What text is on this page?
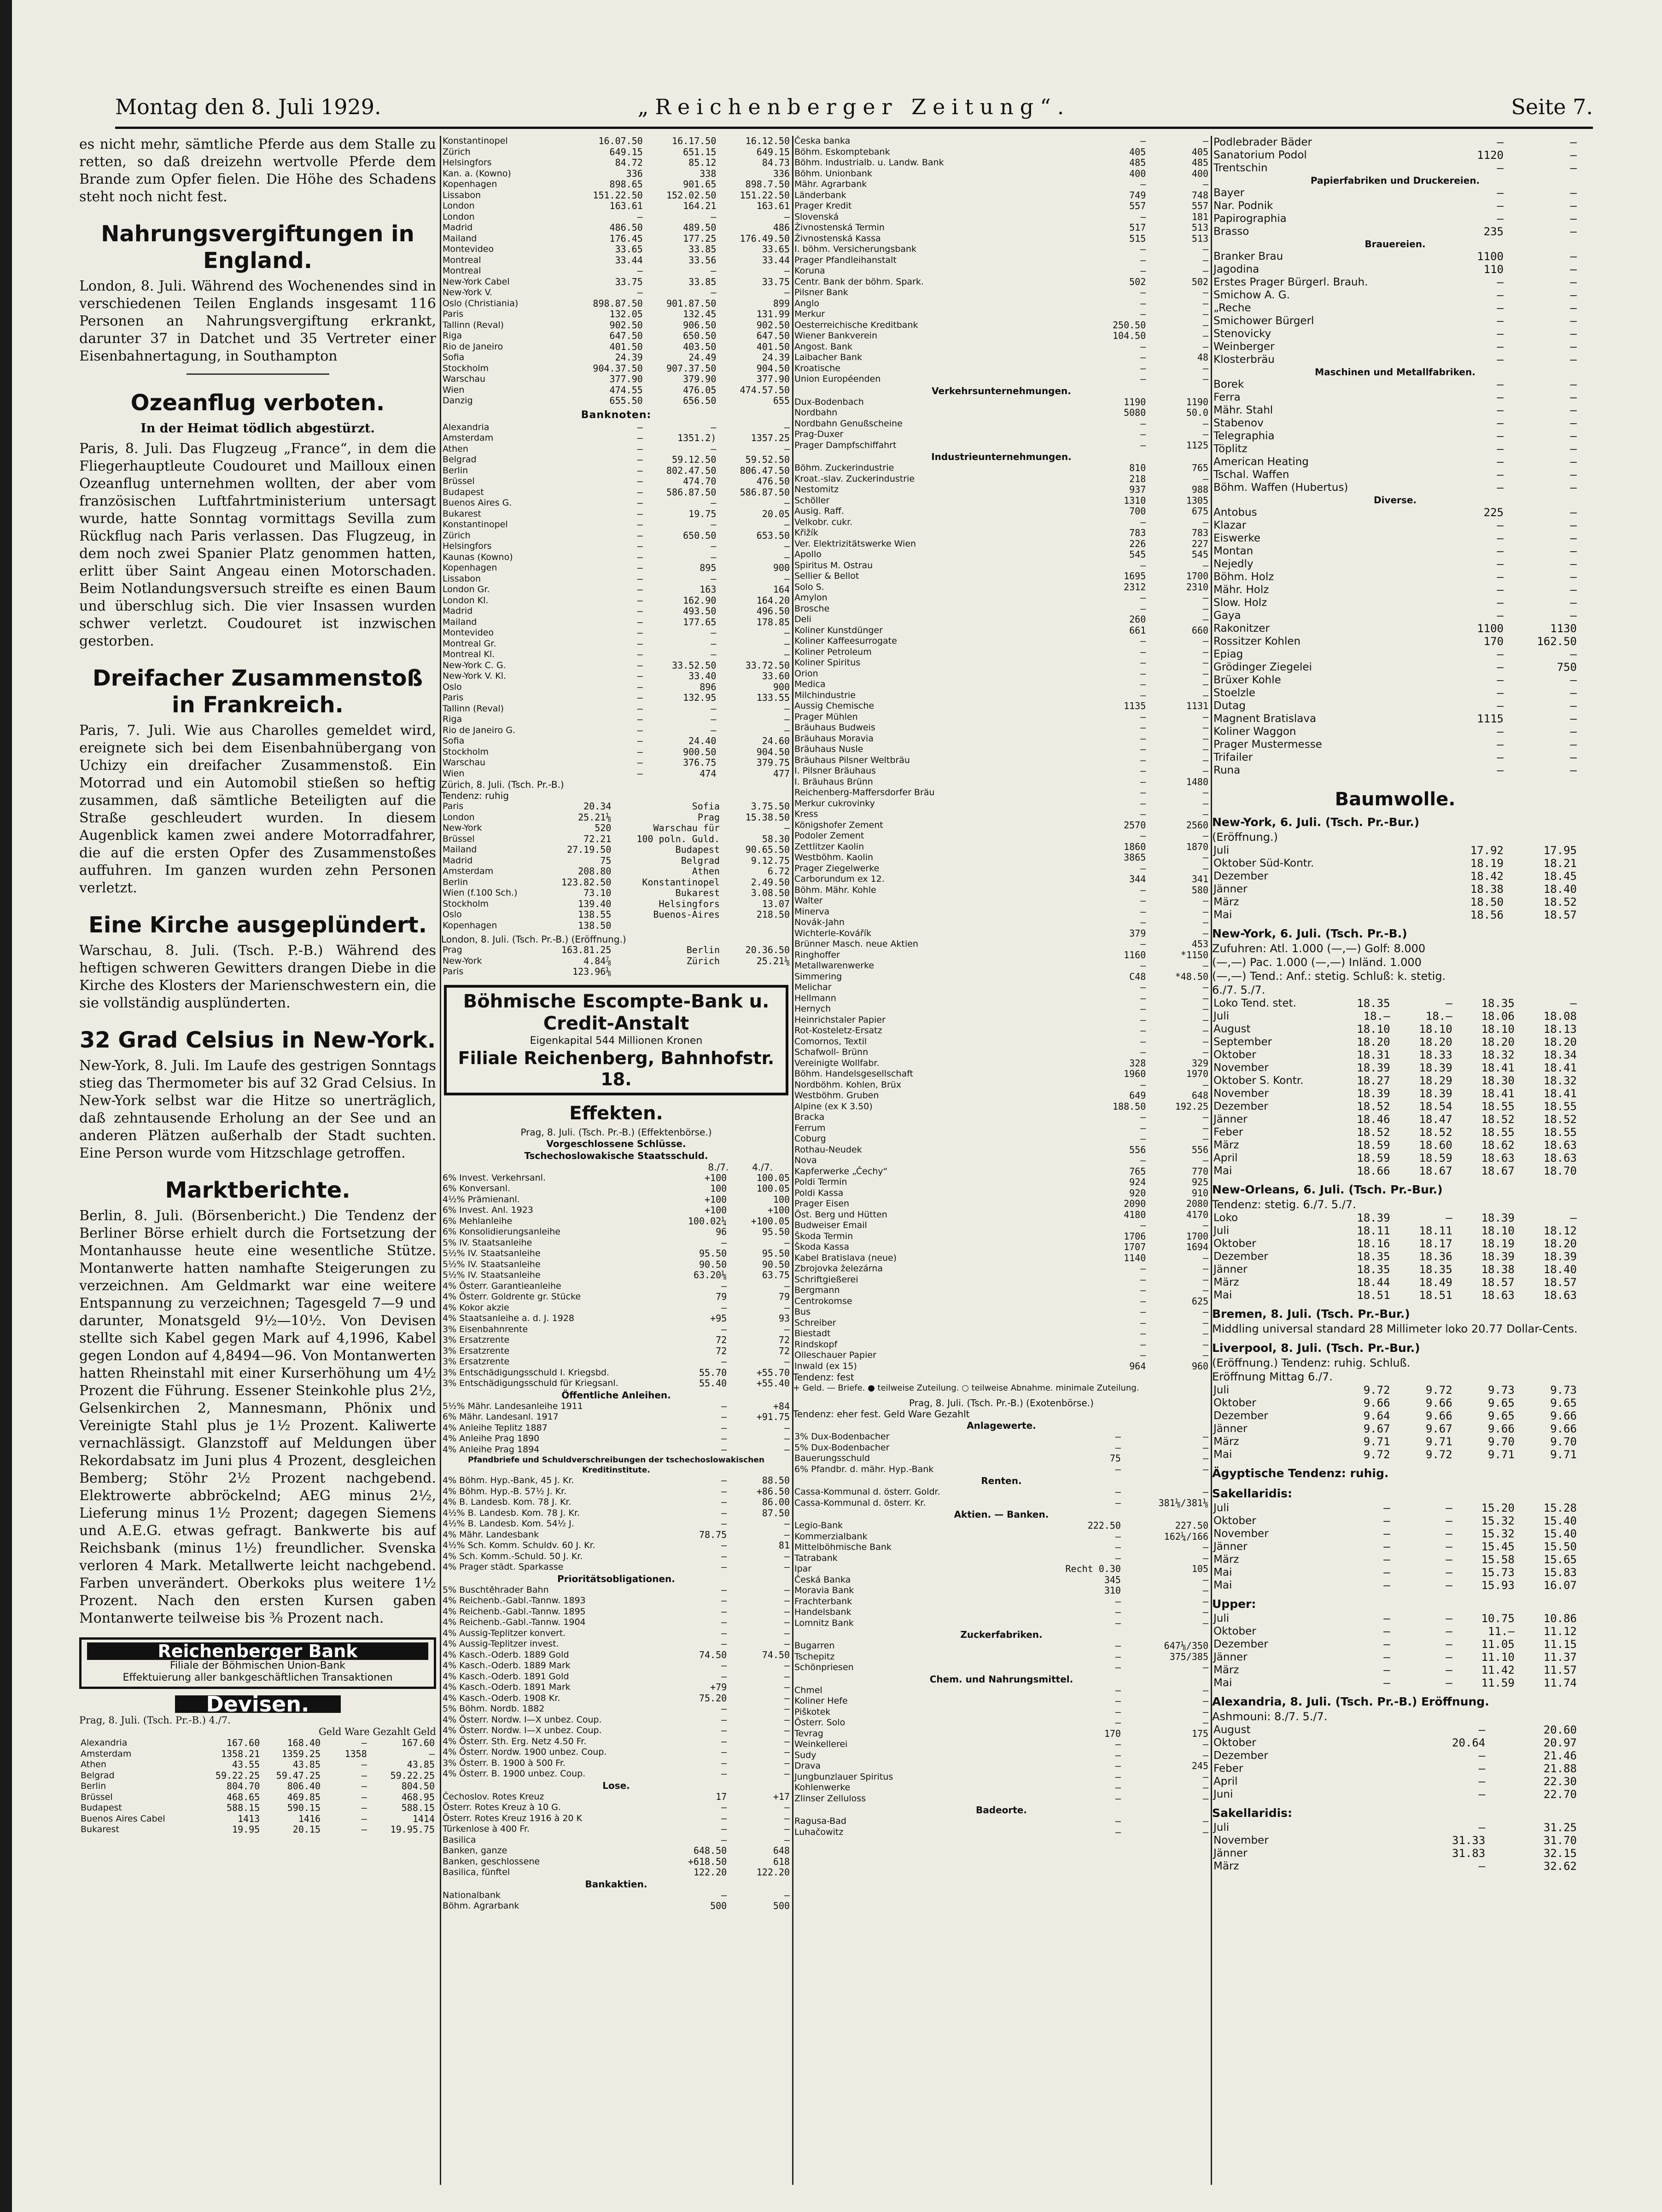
Montag den 8. Juli 1929.	„Reichenberger Zeitung“.	Seite 7.

es nicht mehr, sämtliche Pferde aus dem Stalle zu retten, so daß dreizehn wertvolle Pferde dem Brande zum Opfer fielen. Die Höhe des Schadens steht noch nicht fest.

Nahrungsvergiftungen in England.

London, 8. Juli. Während des Wochenendes sind in verschiedenen Teilen Englands insgesamt 116 Personen an Nahrungsvergiftung erkrankt, darunter 37 in Datchet und 35 Vertreter einer Eisenbahnertagung, in Southampton

Ozeanflug verboten.
In der Heimat tödlich abgestürzt.

Paris, 8. Juli. Das Flugzeug „France“, in dem die Fliegerhauptleute Coudouret und Mailloux einen Ozeanflug unternehmen wollten, der aber vom französischen Luftfahrtministerium untersagt wurde, hatte Sonntag vormittags Sevilla zum Rückflug nach Paris verlassen. Das Flugzeug, in dem noch zwei Spanier Platz genommen hatten, erlitt über Saint Angeau einen Motorschaden. Beim Notlandungsversuch streifte es einen Baum und überschlug sich. Die vier Insassen wurden schwer verletzt. Coudouret ist inzwischen gestorben.

Dreifacher Zusammenstoß in Frankreich.

Paris, 7. Juli. Wie aus Charolles gemeldet wird, ereignete sich bei dem Eisenbahnübergang von Uchizy ein dreifacher Zusammenstoß. Ein Motorrad und ein Automobil stießen so heftig zusammen, daß sämtliche Beteiligten auf die Straße geschleudert wurden. In diesem Augenblick kamen zwei andere Motorradfahrer, die auf die ersten Opfer des Zusammenstoßes auffuhren. Im ganzen wurden zehn Personen verletzt.

Eine Kirche ausgeplündert.

Warschau, 8. Juli. (Tsch. P.-B.) Während des heftigen schweren Gewitters drangen Diebe in die Kirche des Klosters der Marienschwestern ein, die sie vollständig ausplünderten.

32 Grad Celsius in New-York.

New-York, 8. Juli. Im Laufe des gestrigen Sonntags stieg das Thermometer bis auf 32 Grad Celsius. In New-York selbst war die Hitze so unerträglich, daß zehntausende Erholung an der See und an anderen Plätzen außerhalb der Stadt suchten. Eine Person wurde vom Hitzschlage getroffen.

Marktberichte.

Berlin, 8. Juli. (Börsenbericht.) Die Tendenz der Berliner Börse erhielt durch die Fortsetzung der Montanhausse heute eine wesentliche Stütze. Montanwerte hatten namhafte Steigerungen zu verzeichnen. Am Geldmarkt war eine weitere Entspannung zu verzeichnen; Tagesgeld 7—9 und darunter, Monatsgeld 9½—10½. Von Devisen stellte sich Kabel gegen Mark auf 4,1996, Kabel gegen London auf 4,8494—96. Von Montanwerten hatten Rheinstahl mit einer Kurserhöhung um 4½ Prozent die Führung. Essener Steinkohle plus 2½, Gelsenkirchen 2, Mannesmann, Phönix und Vereinigte Stahl plus je 1½ Prozent. Kaliwerte vernachlässigt. Glanzstoff auf Meldungen über Rekordabsatz im Juni plus 4 Prozent, desgleichen Bemberg; Stöhr 2½ Prozent nachgebend. Elektrowerte abbröckelnd; AEG minus 2½, Lieferung minus 1½ Prozent; dagegen Siemens und A.E.G. etwas gefragt. Bankwerte bis auf Reichsbank (minus 1½) freundlicher. Svenska verloren 4 Mark. Metallwerte leicht nachgebend. Farben unverändert. Oberkoks plus weitere 1½ Prozent. Nach den ersten Kursen gaben Montanwerte teilweise bis ⅜ Prozent nach.

Reichenberger Bank
Filiale der Böhmischen Union-Bank
Effektuierung aller bankgeschäftlichen Transaktionen
Devisen.
Prag, 8. Juli. (Tsch. Pr.-B.) 4./7.
Geld Ware Gezahlt Geld
Alexandria	167.60	168.40	—	167.60
Amsterdam	1358.21	1359.25	1358	—
Athen	43.55	43.85	—	43.85
Belgrad	59.22.25	59.47.25	—	59.22.25
Berlin	804.70	806.40	—	804.50
Brüssel	468.65	469.85	—	468.95
Budapest	588.15	590.15	—	588.15
Buenos Aires Cabel	1413	1416	—	1414
Bukarest	19.95	20.15	—	19.95.75
Konstantinopel	16.07.50	16.17.50	16.12.50
Zürich	649.15	651.15	649.15
Helsingfors	84.72	85.12	84.73
Kan. a. (Kowno)	336	338	336
Kopenhagen	898.65	901.65	898.7.50
Lissabon	151.22.50	152.02.50	151.22.50
London	163.61	164.21	163.61
London	—	—	—
Madrid	486.50	489.50	486
Mailand	176.45	177.25	176.49.50
Montevideo	33.65	33.85	33.65
Montreal	33.44	33.56	33.44
Montreal	—	—	—
New-York Cabel	33.75	33.85	33.75
New-York V.	—	—	—
Oslo (Christiania)	898.87.50	901.87.50	899
Paris	132.05	132.45	131.99
Tallinn (Reval)	902.50	906.50	902.50
Riga	647.50	650.50	647.50
Rio de Janeiro	401.50	403.50	401.50
Sofia	24.39	24.49	24.39
Stockholm	904.37.50	907.37.50	904.50
Warschau	377.90	379.90	377.90
Wien	474.55	476.05	474.57.50
Danzig	655.50	656.50	655
Banknoten:
Alexandria	—	—	—
Amsterdam	—	1351.2)	1357.25
Athen	—	—	—
Belgrad	—	59.12.50	59.52.50
Berlin	—	802.47.50	806.47.50
Brüssel	—	474.70	476.50
Budapest	—	586.87.50	586.87.50
Buenos Aires G.	—	—	—
Bukarest	—	19.75	20.05
Konstantinopel	—	—	—
Zürich	—	650.50	653.50
Helsingfors	—	—	—
Kaunas (Kowno)	—	—	—
Kopenhagen	—	895	900
Lissabon	—	—	—
London Gr.	—	163	164
London Kl.	—	162.90	164.20
Madrid	—	493.50	496.50
Mailand	—	177.65	178.85
Montevideo	—	—	—
Montreal Gr.	—	—	—
Montreal Kl.	—	—	—
New-York C. G.	—	33.52.50	33.72.50
New-York V. Kl.	—	33.40	33.60
Oslo	—	896	900
Paris	—	132.95	133.55
Tallinn (Reval)	—	—	—
Riga	—	—	—
Rio de Janeiro G.	—	—	—
Sofia	—	24.40	24.60
Stockholm	—	900.50	904.50
Warschau	—	376.75	379.75
Wien	—	474	477
Zürich, 8. Juli. (Tsch. Pr.-B.)
Tendenz: ruhig
Paris	20.34	Sofia	3.75.50
London	25.21⅛	Prag	15.38.50
New-York	520	Warschau für	—
Brüssel	72.21	100 poln. Guld.	58.30
Mailand	27.19.50	Budapest	90.65.50
Madrid	75	Belgrad	9.12.75
Amsterdam	208.80	Athen	6.72
Berlin	123.82.50	Konstantinopel	2.49.50
Wien (f.100 Sch.)	73.10	Bukarest	3.08.50
Stockholm	139.40	Helsingfors	13.07
Oslo	138.55	Buenos-Aires	218.50
Kopenhagen	138.50		
London, 8. Juli. (Tsch. Pr.-B.) (Eröffnung.)
Prag	163.81.25	Berlin	20.36.50
New-York	4.84⅞	Zürich	25.21⅛
Paris	123.96⅛		
Böhmische Escompte-Bank u. Credit-Anstalt
Eigenkapital 544 Millionen Kronen
Filiale Reichenberg, Bahnhofstr. 18.
Effekten.
Prag, 8. Juli. (Tsch. Pr.-B.) (Effektenbörse.)
Vorgeschlossene Schlüsse.
Tschechoslowakische Staatsschuld.
8./7.	4./7.
6% Invest. Verkehrsanl.	+100	100.05
6% Konversanl.	100	100.05
4½% Prämienanl.	+100	100
6% Invest. Anl. 1923	+100	+100
6% Mehlanleihe	100.02¼	+100.05
6% Konsolidierungsanleihe	96	95.50
5% IV. Staatsanleihe	—	—
5½% IV. Staatsanleihe	95.50	95.50
5½% IV. Staatsanleihe	90.50	90.50
5½% IV. Staatsanleihe	63.20⅛	63.75
4% Österr. Garantieanleihe	—	—
4% Österr. Goldrente gr. Stücke	79	79
4% Kokor akzie	—	—
4% Staatsanleihe a. d. J. 1928	+95	93
3% Eisenbahnrente	—	—
3% Ersatzrente	72	72
3% Ersatzrente	72	72
3% Ersatzrente	—	—
3% Entschädigungsschuld I. Kriegsbd.	55.70	+55.70
3% Entschädigungsschuld für Kriegsanl.	55.40	+55.40
Öffentliche Anleihen.
5½% Mähr. Landesanleihe 1911	—	+84
6% Mähr. Landesanl. 1917	—	+91.75
4% Anleihe Teplitz 1887	—	—
4% Anleihe Prag 1890	—	—
4% Anleihe Prag 1894	—	—
Pfandbriefe und Schuldverschreibungen der tschechoslowakischen Kreditinstitute.
4% Böhm. Hyp.-Bank, 45 J. Kr.	—	88.50
4% Böhm. Hyp.-B. 57½ J. Kr.	—	+86.50
4% B. Landesb. Kom. 78 J. Kr.	—	86.00
4½% B. Landesb. Kom. 78 J. Kr.	—	87.50
4½% B. Landesb. Kom. 54½ J.	—	—
4% Mähr. Landesbank	78.75	—
4½% Sch. Komm. Schuldv. 60 J. Kr.	—	81
4% Sch. Komm.-Schuld. 50 J. Kr.	—	—
4% Prager städt. Sparkasse	—	—
Prioritätsobligationen.
5% Buschtěhrader Bahn	—	—
4% Reichenb.-Gabl.-Tannw. 1893	—	—
4% Reichenb.-Gabl.-Tannw. 1895	—	—
4% Reichenb.-Gabl.-Tannw. 1904	—	—
4% Aussig-Teplitzer konvert.	—	—
4% Aussig-Teplitzer invest.	—	—
4% Kasch.-Oderb. 1889 Gold	74.50	74.50
4% Kasch.-Oderb. 1889 Mark	—	—
4% Kasch.-Oderb. 1891 Gold	—	—
4% Kasch.-Oderb. 1891 Mark	+79	—
4% Kasch.-Oderb. 1908 Kr.	75.20	—
5% Böhm. Nordb. 1882	—	—
4% Österr. Nordw. I—X unbez. Coup.	—	—
4% Österr. Nordw. I—X unbez. Coup.	—	—
4% Österr. Sth. Erg. Netz 4.50 Fr.	—	—
4% Österr. Nordw. 1900 unbez. Coup.	—	—
3% Österr. B. 1900 à 500 Fr.	—	—
4% Österr. B. 1900 unbez. Coup.	—	—
Lose.
Čechoslov. Rotes Kreuz	17	+17
Österr. Rotes Kreuz à 10 G.	—	—
Österr. Rotes Kreuz 1916 à 20 K	—	—
Türkenlose à 400 Fr.	—	—
Basilica	—	—
Banken, ganze	648.50	648
Banken, geschlossene	+618.50	618
Basilica, fünftel	122.20	122.20
Bankaktien.
Nationalbank	—	—
Böhm. Agrarbank	500	500
Česka banka	—	—
Böhm. Eskomptebank	405	405
Böhm. Industrialb. u. Landw. Bank	485	485
Böhm. Unionbank	400	400
Mähr. Agrarbank	—	—
Länderbank	749	748
Prager Kredit	557	557
Slovenská	—	181
Živnostenská Termin	517	513
Živnostenská Kassa	515	513
I. böhm. Versicherungsbank	—	—
Prager Pfandleihanstalt	—	—
Koruna	—	—
Centr. Bank der böhm. Spark.	502	502
Pilsner Bank	—	—
Anglo	—	—
Merkur	—	—
Oesterreichische Kreditbank	250.50	—
Wiener Bankverein	104.50	—
Angost. Bank	—	—
Laibacher Bank	—	48
Kroatische	—	—
Union Européenden	—	—
Verkehrsunternehmungen.
Dux-Bodenbach	1190	1190
Nordbahn	5080	50.0
Nordbahn Genußscheine	—	—
Prag-Duxer	—	—
Prager Dampfschiffahrt	—	1125
Industrieunternehmungen.
Böhm. Zuckerindustrie	810	765
Kroat.-slav. Zuckerindustrie	218	—
Nestomitz	937	988
Schöller	1310	1305
Ausig. Raff.	700	675
Velkobr. cukr.	—	—
Křižík	783	783
Ver. Elektrizitätswerke Wien	226	227
Apollo	545	545
Spiritus M. Ostrau	—	—
Sellier & Bellot	1695	1700
Solo S.	2312	2310
Amylon	—	—
Brosche	—	—
Deli	260	—
Koliner Kunstdünger	661	660
Koliner Kaffeesurrogate	—	—
Koliner Petroleum	—	—
Koliner Spiritus	—	—
Orion	—	—
Medica	—	—
Milchindustrie	—	—
Aussig Chemische	1135	1131
Prager Mühlen	—	—
Bräuhaus Budweis	—	—
Bräuhaus Moravia	—	—
Bräuhaus Nusle	—	—
Bräuhaus Pilsner Weltbräu	—	—
I. Pilsner Bräuhaus	—	—
I. Bräuhaus Brünn	—	1480
Reichenberg-Maffersdorfer Bräu	—	—
Merkur cukrovinky	—	—
Kress	—	—
Königshofer Zement	2570	2560
Podoler Zement	—	—
Zettlitzer Kaolin	1860	1870
Westböhm. Kaolin	3865	—
Prager Ziegelwerke	—	—
Carborundum ex 12.	344	341
Böhm. Mähr. Kohle	—	580
Walter	—	—
Minerva	—	—
Novák-Jahn	—	—
Wichterle-Kovářík	379	—
Brünner Masch. neue Aktien	—	453
Ringhoffer	1160	*1150
Metallwarenwerke	—	—
Simmering	C48	*48.50
Melichar	—	—
Hellmann	—	—
Hernych	—	—
Heinrichstaler Papier	—	—
Rot-Kosteletz-Ersatz	—	—
Comornos, Textil	—	—
Schafwoll- Brünn	—	—
Vereinigte Wollfabr.	328	329
Böhm. Handelsgesellschaft	1960	1970
Nordböhm. Kohlen, Brüx	—	—
Westböhm. Gruben	649	648
Alpine (ex K 3.50)	188.50	192.25
Bracka	—	—
Ferrum	—	—
Coburg	—	—
Rothau-Neudek	556	556
Nova	—	—
Kapferwerke „Čechy“	765	770
Poldi Termin	924	925
Poldi Kassa	920	910
Prager Eisen	2090	2080
Öst. Berg und Hütten	4180	4170
Budweiser Email	—	—
Škoda Termin	1706	1700
Škoda Kassa	1707	1694
Kabel Bratislava (neue)	1140	—
Zbrojovka železárna	—	—
Schriftgießerei	—	—
Bergmann	—	—
Centrokomse	—	625
Bus	—	—
Schreiber	—	—
Biestadt	—	—
Rindskopf	—	—
Olleschauer Papier	—	—
Inwald (ex 15)	964	960
Tendenz: fest
+ Geld. — Briefe. ● teilweise Zuteilung. ○ teilweise Abnahme. minimale Zuteilung.
Prag, 8. Juli. (Tsch. Pr.-B.) (Exotenbörse.)
Tendenz: eher fest. Geld Ware Gezahlt
Anlagewerte.
3% Dux-Bodenbacher	—	—
5% Dux-Bodenbacher	—	—
Bauerungsschuld	75	—
6% Pfandbr. d. mähr. Hyp.-Bank	—	—
Renten.
Cassa-Kommunal d. österr. Goldr.	—	—
Cassa-Kommunal d. österr. Kr.	—	381⅛/381⅛
Aktien. — Banken.
Legio-Bank	222.50	227.50
Kommerzialbank	—	162¼/166
Mittelböhmische Bank	—	—
Tatrabank	—	—
Ipar	Recht 0.30	105
Česká Banka	345	—
Moravia Bank	310	—
Frachterbank	—	—
Handelsbank	—	—
Lomnitz Bank	—	—
Zuckerfabriken.
Bugarren	—	647⅛/350
Tschepitz	—	375/385
Schönpriesen	—	—
Chem. und Nahrungsmittel.
Chmel	—	—
Koliner Hefe	—	—
Piškotek	—	—
Österr. Solo	—	—
Tevrag	170	175
Weinkellerei	—	—
Sudy	—	—
Drava	—	245
Jungbunzlauer Spiritus	—	—
Kohlenwerke	—	—
Zlinser Zelluloss	—	—
Badeorte.
Ragusa-Bad	—	—
Luhačowitz	—	—
Podlebrader Bäder	—	—
Sanatorium Podol	1120	—
Trentschin	—	—
Papierfabriken und Druckereien.
Bayer	—	—
Nar. Podnik	—	—
Papirographia	—	—
Brasso	235	—
Brauereien.
Branker Brau	1100	—
Jagodina	110	—
Erstes Prager Bürgerl. Brauh.	—	—
Smichow A. G.	—	—
„Reche	—	—
Smichower Bürgerl	—	—
Stenovicky	—	—
Weinberger	—	—
Klosterbräu	—	—
Maschinen und Metallfabriken.
Borek	—	—
Ferra	—	—
Mähr. Stahl	—	—
Stabenov	—	—
Telegraphia	—	—
Töplitz	—	—
American Heating	—	—
Tschal. Waffen	—	—
Böhm. Waffen (Hubertus)	—	—
Diverse.
Antobus	225	—
Klazar	—	—
Eiswerke	—	—
Montan	—	—
Nejedly	—	—
Böhm. Holz	—	—
Mähr. Holz	—	—
Slow. Holz	—	—
Gaya	—	—
Rakonitzer	1100	1130
Rossitzer Kohlen	170	162.50
Epiag	—	—
Grödinger Ziegelei	—	750
Brüxer Kohle	—	—
Stoelzle	—	—
Dutag	—	—
Magnent Bratislava	1115	—
Koliner Waggon	—	—
Prager Mustermesse	—	—
Trifailer	—	—
Runa	—	—
Baumwolle.
New-York, 6. Juli. (Tsch. Pr.-Bur.)
(Eröffnung.)
Juli	17.92	17.95
Oktober Süd-Kontr.	18.19	18.21
Dezember	18.42	18.45
Jänner	18.38	18.40
März	18.50	18.52
Mai	18.56	18.57
New-York, 6. Juli. (Tsch. Pr.-B.)
Zufuhren: Atl. 1.000 (—,—) Golf: 8.000
(—,—) Pac. 1.000 (—,—) Inländ. 1.000
(—,—) Tend.: Anf.: stetig. Schluß: k. stetig.
6./7. 5./7.
Loko Tend. stet.	18.35	—	18.35	—
Juli	18.—	18.—	18.06	18.08
August	18.10	18.10	18.10	18.13
September	18.20	18.20	18.20	18.20
Oktober	18.31	18.33	18.32	18.34
November	18.39	18.39	18.41	18.41
Oktober S. Kontr.	18.27	18.29	18.30	18.32
November	18.39	18.39	18.41	18.41
Dezember	18.52	18.54	18.55	18.55
Jänner	18.46	18.47	18.52	18.52
Feber	18.52	18.52	18.55	18.55
März	18.59	18.60	18.62	18.63
April	18.59	18.59	18.63	18.63
Mai	18.66	18.67	18.67	18.70
New-Orleans, 6. Juli. (Tsch. Pr.-Bur.)
Tendenz: stetig. 6./7. 5./7.
Loko	18.39	—	18.39	—
Juli	18.11	18.11	18.10	18.12
Oktober	18.16	18.17	18.19	18.20
Dezember	18.35	18.36	18.39	18.39
Jänner	18.35	18.35	18.38	18.40
März	18.44	18.49	18.57	18.57
Mai	18.51	18.51	18.63	18.63
Bremen, 8. Juli. (Tsch. Pr.-Bur.)
Middling universal standard 28 Millimeter loko 20.77 Dollar-Cents.
Liverpool, 8. Juli. (Tsch. Pr.-Bur.)
(Eröffnung.) Tendenz: ruhig. Schluß.
Eröffnung Mittag 6./7.
Juli	9.72	9.72	9.73	9.73
Oktober	9.66	9.66	9.65	9.65
Dezember	9.64	9.66	9.65	9.66
Jänner	9.67	9.67	9.66	9.66
März	9.71	9.71	9.70	9.70
Mai	9.72	9.72	9.71	9.71
Ägyptische Tendenz: ruhig.
Sakellaridis:
Juli	—	—	15.20	15.28
Oktober	—	—	15.32	15.40
November	—	—	15.32	15.40
Jänner	—	—	15.45	15.50
März	—	—	15.58	15.65
Mai	—	—	15.73	15.83
Mai	—	—	15.93	16.07
Upper:
Juli	—	—	10.75	10.86
Oktober	—	—	11.—	11.12
Dezember	—	—	11.05	11.15
Jänner	—	—	11.10	11.37
März	—	—	11.42	11.57
Mai	—	—	11.59	11.74
Alexandria, 8. Juli. (Tsch. Pr.-B.) Eröffnung.
Ashmouni: 8./7. 5./7.
August	—	20.60
Oktober	20.64	20.97
Dezember	—	21.46
Feber	—	21.88
April	—	22.30
Juni	—	22.70
Sakellaridis:
Juli	—	31.25
November	31.33	31.70
Jänner	31.83	32.15
März	—	32.62
